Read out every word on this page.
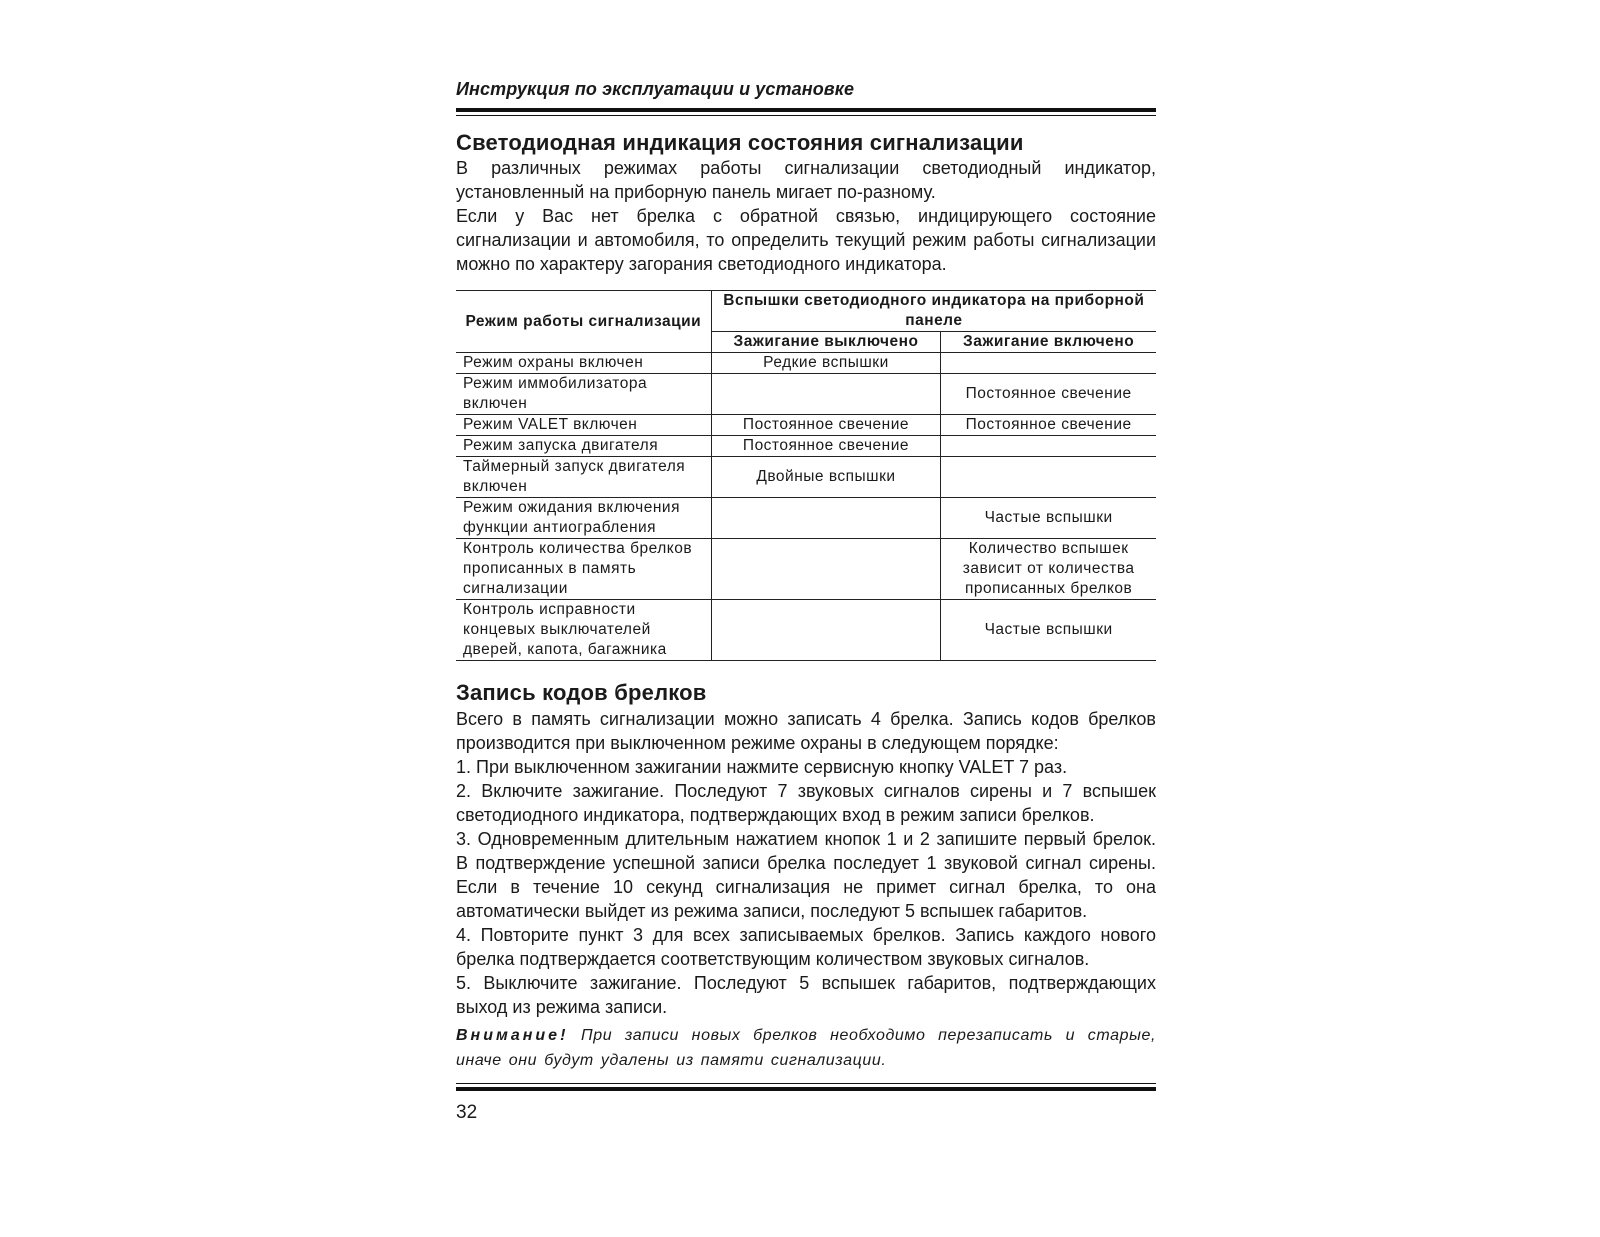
Инструкция по эксплуатации и установке
Светодиодная индикация состояния сигнализации

В различных режимах работы сигнализации светодиодный индикатор, установленный на приборную панель мигает по-разному.

Если у Вас нет брелка с обратной связью, индицирующего состояние сигнализации и автомобиля, то определить текущий режим работы сигнализации можно по характеру загорания светодиодного индикатора.

Режим работы сигнализации	Вспышки светодиодного индикатора на приборной панеле	
	Зажигание выключено	Зажигание включено
Режим охраны включен	Редкие вспышки	
Режим иммобилизатора включен		Постоянное свечение
Режим VALET включен	Постоянное свечение	Постоянное свечение
Режим запуска двигателя	Постоянное свечение	
Таймерный запуск двигателя включен	Двойные вспышки	
Режим ожидания включения функции антиограбления		Частые вспышки
Контроль количества брелков прописанных в память сигнализации		Количество вспышек зависит от количества прописанных брелков
Контроль исправности концевых выключателей дверей, капота, багажника		Частые вспышки
Запись кодов брелков

Всего в память сигнализации можно записать 4 брелка. Запись кодов брелков производится при выключенном режиме охраны в следующем порядке:

1. При выключенном зажигании нажмите сервисную кнопку VALET 7 раз.

2. Включите зажигание. Последуют 7 звуковых сигналов сирены и 7 вспышек светодиодного индикатора, подтверждающих вход в режим записи брелков.

3. Одновременным длительным нажатием кнопок 1 и 2 запишите первый брелок. В подтверждение успешной записи брелка последует 1 звуковой сигнал сирены. Если в течение 10 секунд сигнализация не примет сигнал брелка, то она автоматически выйдет из режима записи, последуют 5 вспышек габаритов.

4. Повторите пункт 3 для всех записываемых брелков. Запись каждого нового брелка подтверждается соответствующим количеством звуковых сигналов.

5. Выключите зажигание. Последуют 5 вспышек габаритов, подтверждающих выход из режима записи.

Внимание! При записи новых брелков необходимо перезаписать и старые, иначе они будут удалены из памяти сигнализации.

32
